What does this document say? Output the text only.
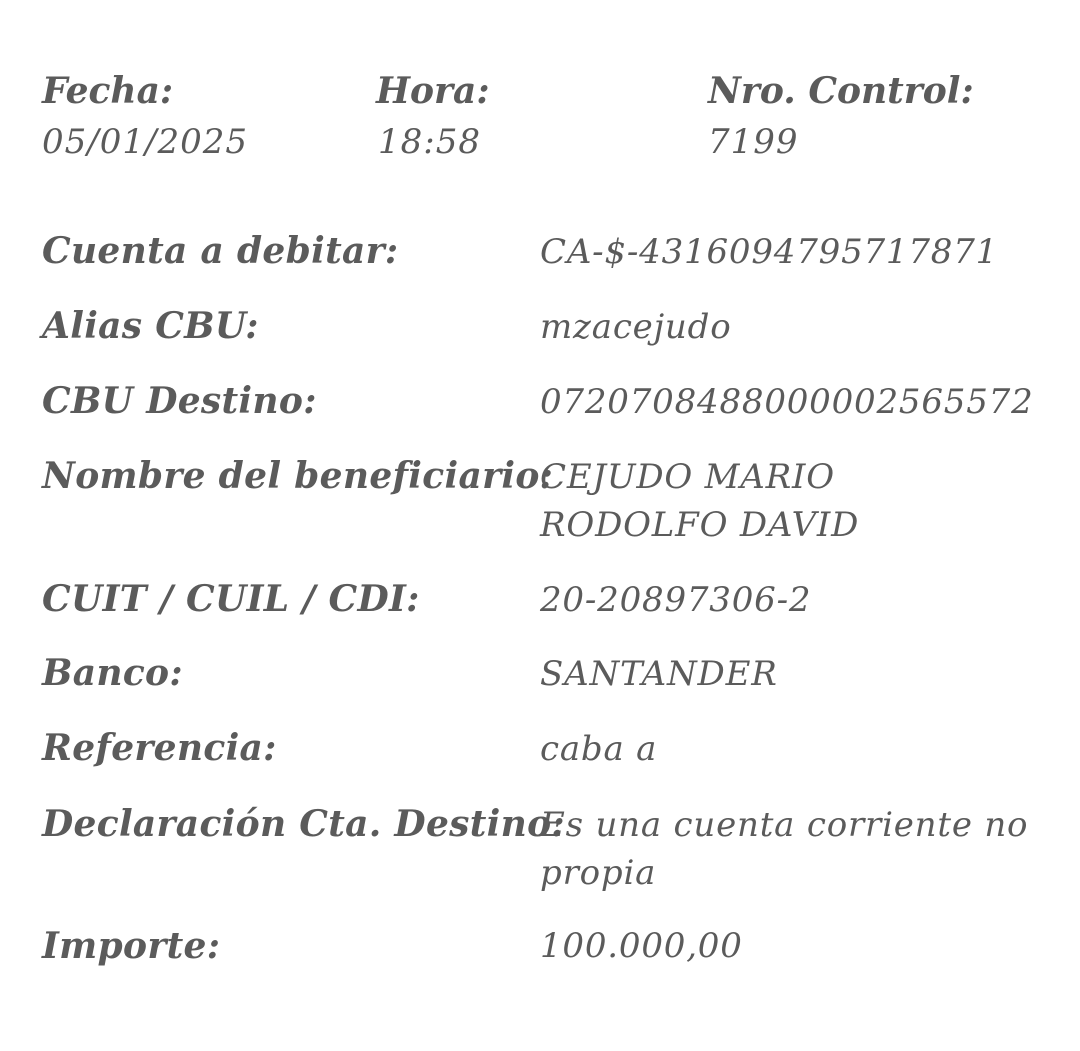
Fecha:
05/01/2025
Hora:
18:58
Nro. Control:
7199
Cuenta a debitar:	CA-$-4316094795717871
Alias CBU:	mzacejudo
CBU Destino:	0720708488000002565572
Nombre del beneficiario:
CEJUDO MARIO RODOLFO DAVID
CUIT / CUIL / CDI:	20-20897306-2
Banco:	SANTANDER
Referencia:	caba a
Declaración Cta. Destino:
Es una cuenta corriente no propia
Importe:	100.000,00
